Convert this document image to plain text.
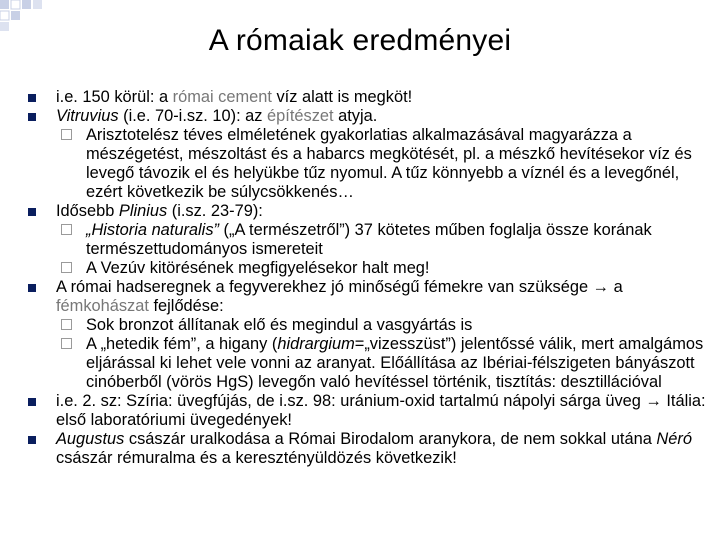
A rómaiak eredményei
i.e. 150 körül: a római cement víz alatt is megköt!
Vitruvius (i.e. 70-i.sz. 10): az építészet atyja.
Arisztotelész téves elméletének gyakorlatias alkalmazásával magyarázza a mészégetést, mészoltást és a habarcs megkötését, pl. a mészkő hevítésekor víz és levegő távozik el és helyükbe tűz nyomul. A tűz könnyebb a víznél és a levegőnél, ezért következik be súlycsökkenés…
Idősebb Plinius (i.sz. 23-79):
„Historia naturalis” („A természetről”) 37 kötetes műben foglalja össze korának természettudományos ismereteit
A Vezúv kitörésének megfigyelésekor halt meg!
A római hadseregnek a fegyverekhez jó minőségű fémekre van szüksége → a fémkohászat fejlődése:
Sok bronzot állítanak elő és megindul a vasgyártás is
A „hetedik fém”, a higany (hidrargium=„vizesszüst”) jelentőssé válik, mert amalgámos eljárással ki lehet vele vonni az aranyat. Előállítása az Ibériai-félszigeten bányászott cinóberből (vörös HgS) levegőn való hevítéssel történik, tisztítás: desztillációval
i.e. 2. sz: Szíria: üvegfújás, de i.sz. 98: uránium-oxid tartalmú nápolyi sárga üveg → Itália: első laboratóriumi üvegedények!
Augustus császár uralkodása a Római Birodalom aranykora, de nem sokkal utána Néró császár rémuralma és a keresztényüldözés következik!
